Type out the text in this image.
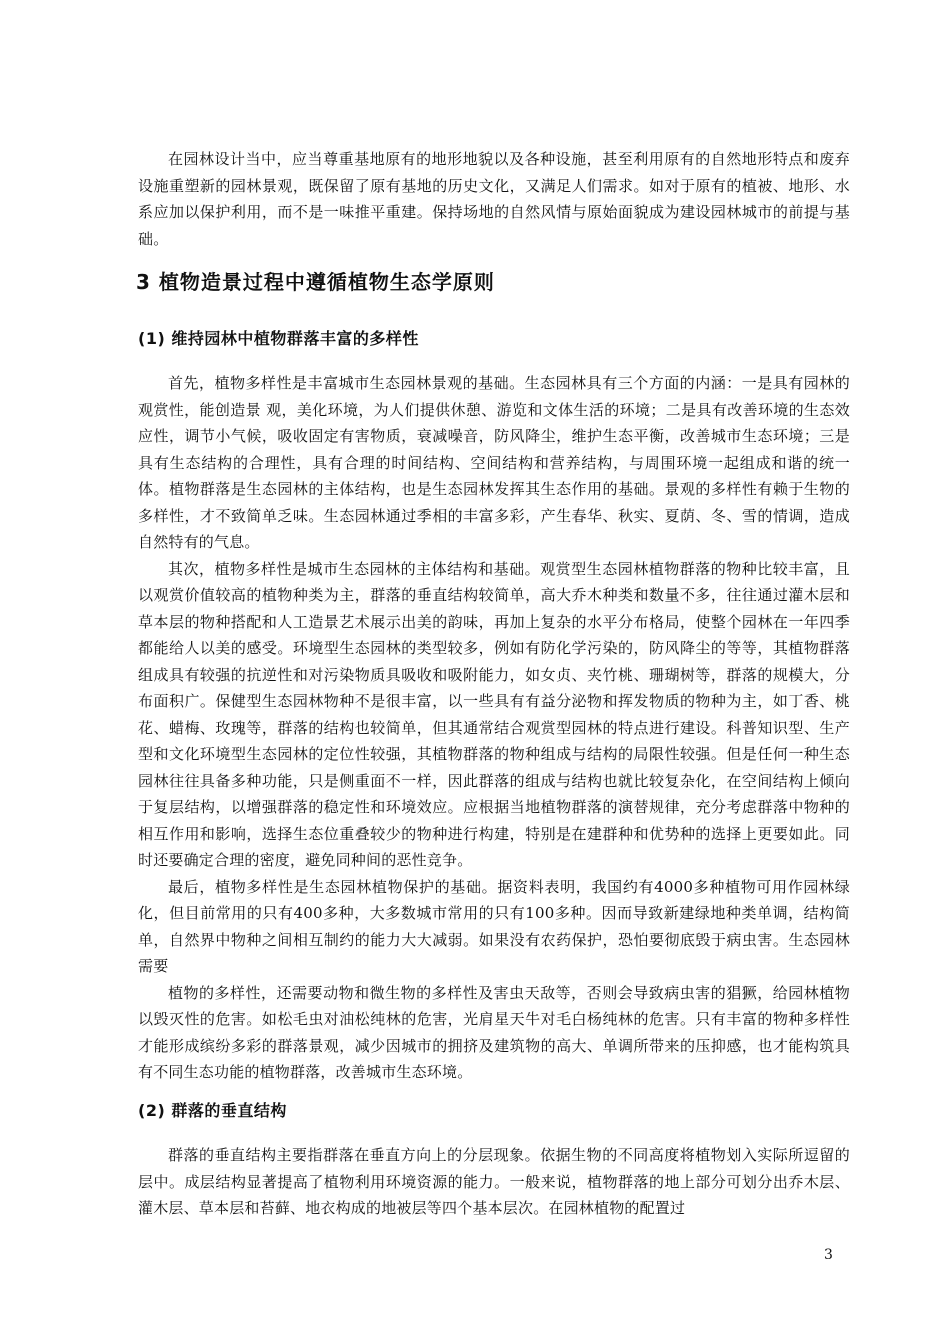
在园林设计当中，应当尊重基地原有的地形地貌以及各种设施，甚至利用原有的自然地形特点和废弃设施重塑新的园林景观，既保留了原有基地的历史文化，又满足人们需求。如对于原有的植被、地形、水系应加以保护利用，而不是一味推平重建。保持场地的自然风情与原始面貌成为建设园林城市的前提与基础。

3 植物造景过程中遵循植物生态学原则
(1) 维持园林中植物群落丰富的多样性

首先，植物多样性是丰富城市生态园林景观的基础。生态园林具有三个方面的内涵：一是具有园林的观赏性，能创造景 观，美化环境，为人们提供休憩、游览和文体生活的环境；二是具有改善环境的生态效应性，调节小气候，吸收固定有害物质，衰减噪音，防风降尘，维护生态平衡，改善城市生态环境；三是具有生态结构的合理性，具有合理的时间结构、空间结构和营养结构，与周围环境一起组成和谐的统一体。植物群落是生态园林的主体结构，也是生态园林发挥其生态作用的基础。景观的多样性有赖于生物的多样性，才不致简单乏味。生态园林通过季相的丰富多彩，产生春华、秋实、夏荫、冬、雪的情调，造成自然特有的气息。

其次，植物多样性是城市生态园林的主体结构和基础。观赏型生态园林植物群落的物种比较丰富，且以观赏价值较高的植物种类为主，群落的垂直结构较简单，高大乔木种类和数量不多，往往通过灌木层和草本层的物种搭配和人工造景艺术展示出美的韵味，再加上复杂的水平分布格局，使整个园林在一年四季都能给人以美的感受。环境型生态园林的类型较多，例如有防化学污染的，防风降尘的等等，其植物群落组成具有较强的抗逆性和对污染物质具吸收和吸附能力，如女贞、夹竹桃、珊瑚树等，群落的规模大，分布面积广。保健型生态园林物种不是很丰富，以一些具有有益分泌物和挥发物质的物种为主，如丁香、桃花、蜡梅、玫瑰等，群落的结构也较简单，但其通常结合观赏型园林的特点进行建设。科普知识型、生产型和文化环境型生态园林的定位性较强，其植物群落的物种组成与结构的局限性较强。但是任何一种生态园林往往具备多种功能，只是侧重面不一样，因此群落的组成与结构也就比较复杂化，在空间结构上倾向于复层结构，以增强群落的稳定性和环境效应。应根据当地植物群落的演替规律，充分考虑群落中物种的相互作用和影响，选择生态位重叠较少的物种进行构建，特别是在建群种和优势种的选择上更要如此。同时还要确定合理的密度，避免同种间的恶性竞争。

最后，植物多样性是生态园林植物保护的基础。据资料表明，我国约有4000多种植物可用作园林绿化，但目前常用的只有400多种，大多数城市常用的只有100多种。因而导致新建绿地种类单调，结构简单，自然界中物种之间相互制约的能力大大减弱。如果没有农药保护，恐怕要彻底毁于病虫害。生态园林需要

植物的多样性，还需要动物和微生物的多样性及害虫天敌等，否则会导致病虫害的猖獗，给园林植物以毁灭性的危害。如松毛虫对油松纯林的危害，光肩星天牛对毛白杨纯林的危害。只有丰富的物种多样性才能形成缤纷多彩的群落景观，减少因城市的拥挤及建筑物的高大、单调所带来的压抑感，也才能构筑具有不同生态功能的植物群落，改善城市生态环境。

(2) 群落的垂直结构

群落的垂直结构主要指群落在垂直方向上的分层现象。依据生物的不同高度将植物划入实际所逗留的层中。成层结构显著提高了植物利用环境资源的能力。一般来说，植物群落的地上部分可划分出乔木层、灌木层、草本层和苔藓、地衣构成的地被层等四个基本层次。在园林植物的配置过

3
